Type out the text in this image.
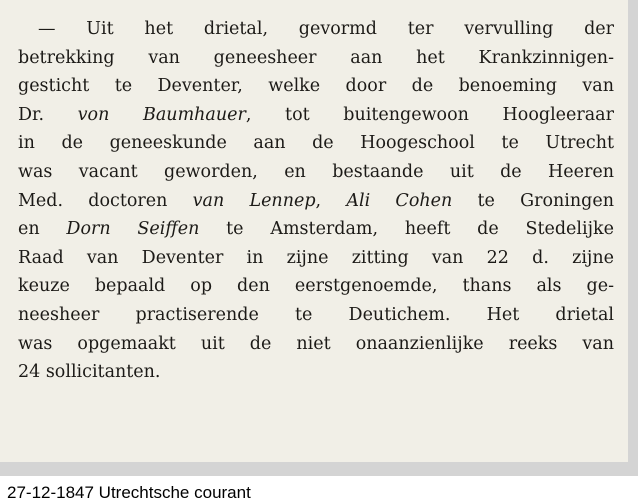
— Uit het drietal, gevormd ter vervulling der
betrekking van geneesheer aan het Krankzinnigen-
gesticht te Deventer, welke door de benoeming van
Dr. von Baumhauer, tot buitengewoon Hoogleeraar
in de geneeskunde aan de Hoogeschool te Utrecht
was vacant geworden, en bestaande uit de Heeren
Med. doctoren van Lennep, Ali Cohen te Groningen
en Dorn Seiffen te Amsterdam, heeft de Stedelijke
Raad van Deventer in zijne zitting van 22 d. zijne
keuze bepaald op den eerstgenoemde, thans als ge-
neesheer practiserende te Deutichem. Het drietal
was opgemaakt uit de niet onaanzienlijke reeks van
24 sollicitanten.
27-12-1847 Utrechtsche courant
